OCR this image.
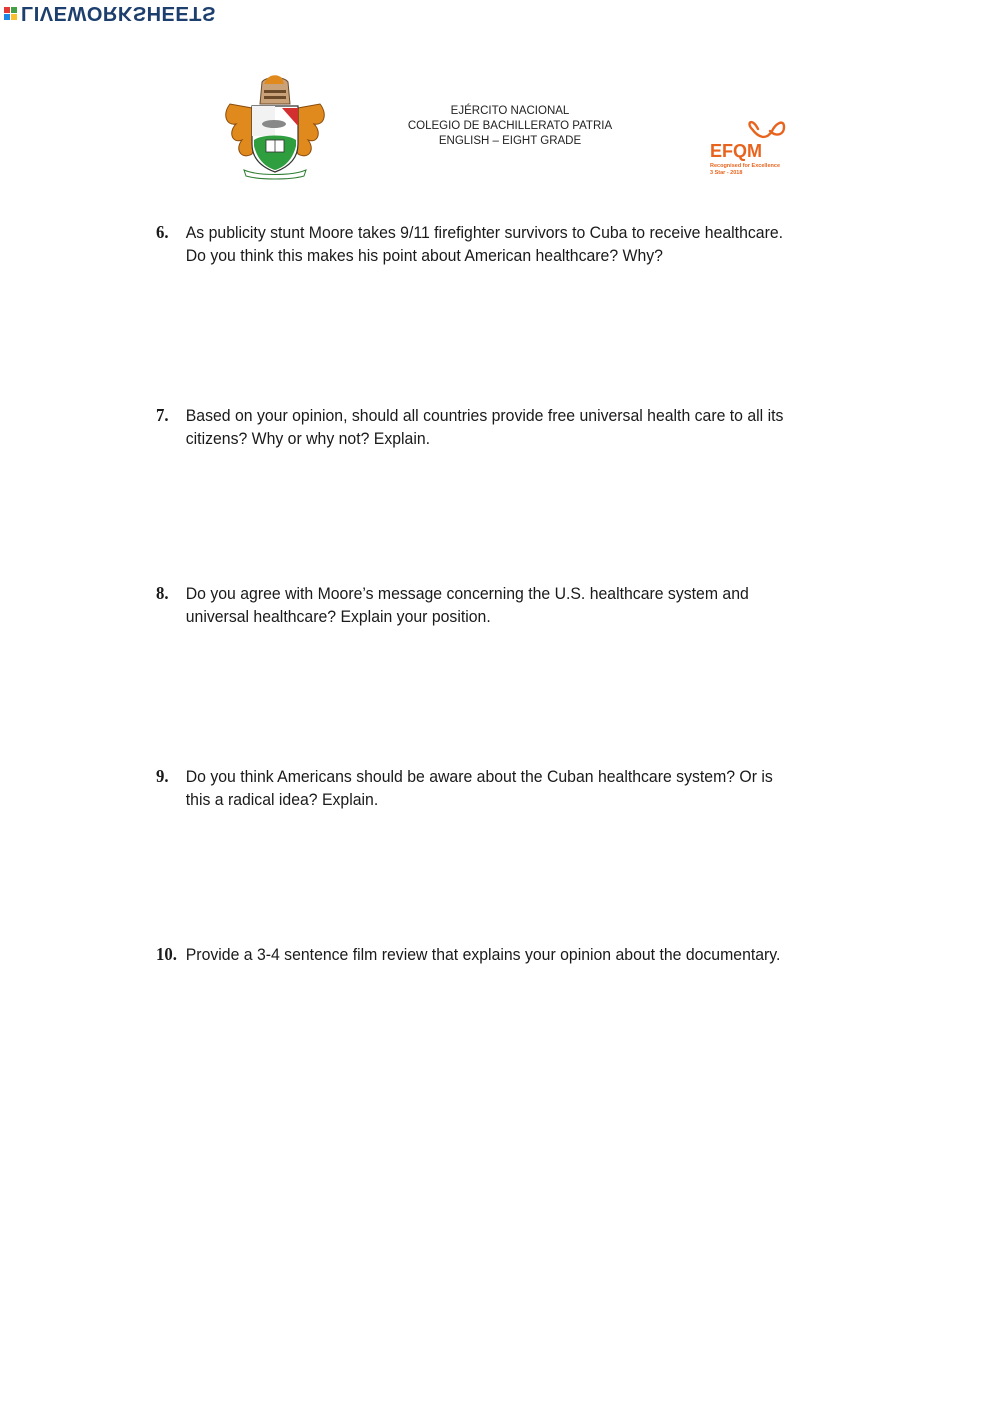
LIVEWORKSHEETS
EJÉRCITO NACIONAL
COLEGIO DE BACHILLERATO PATRIA
ENGLISH – EIGHT GRADE	EFQM
Recognised for Excellence
3 Star - 2018
6. As publicity stunt Moore takes 9/11 firefighter survivors to Cuba to receive healthcare. Do you think this makes his point about American healthcare? Why?
7. Based on your opinion, should all countries provide free universal health care to all its citizens? Why or why not? Explain.
8. Do you agree with Moore’s message concerning the U.S. healthcare system and universal healthcare? Explain your position.
9. Do you think Americans should be aware about the Cuban healthcare system? Or is this a radical idea? Explain.
10. Provide a 3-4 sentence film review that explains your opinion about the documentary.
